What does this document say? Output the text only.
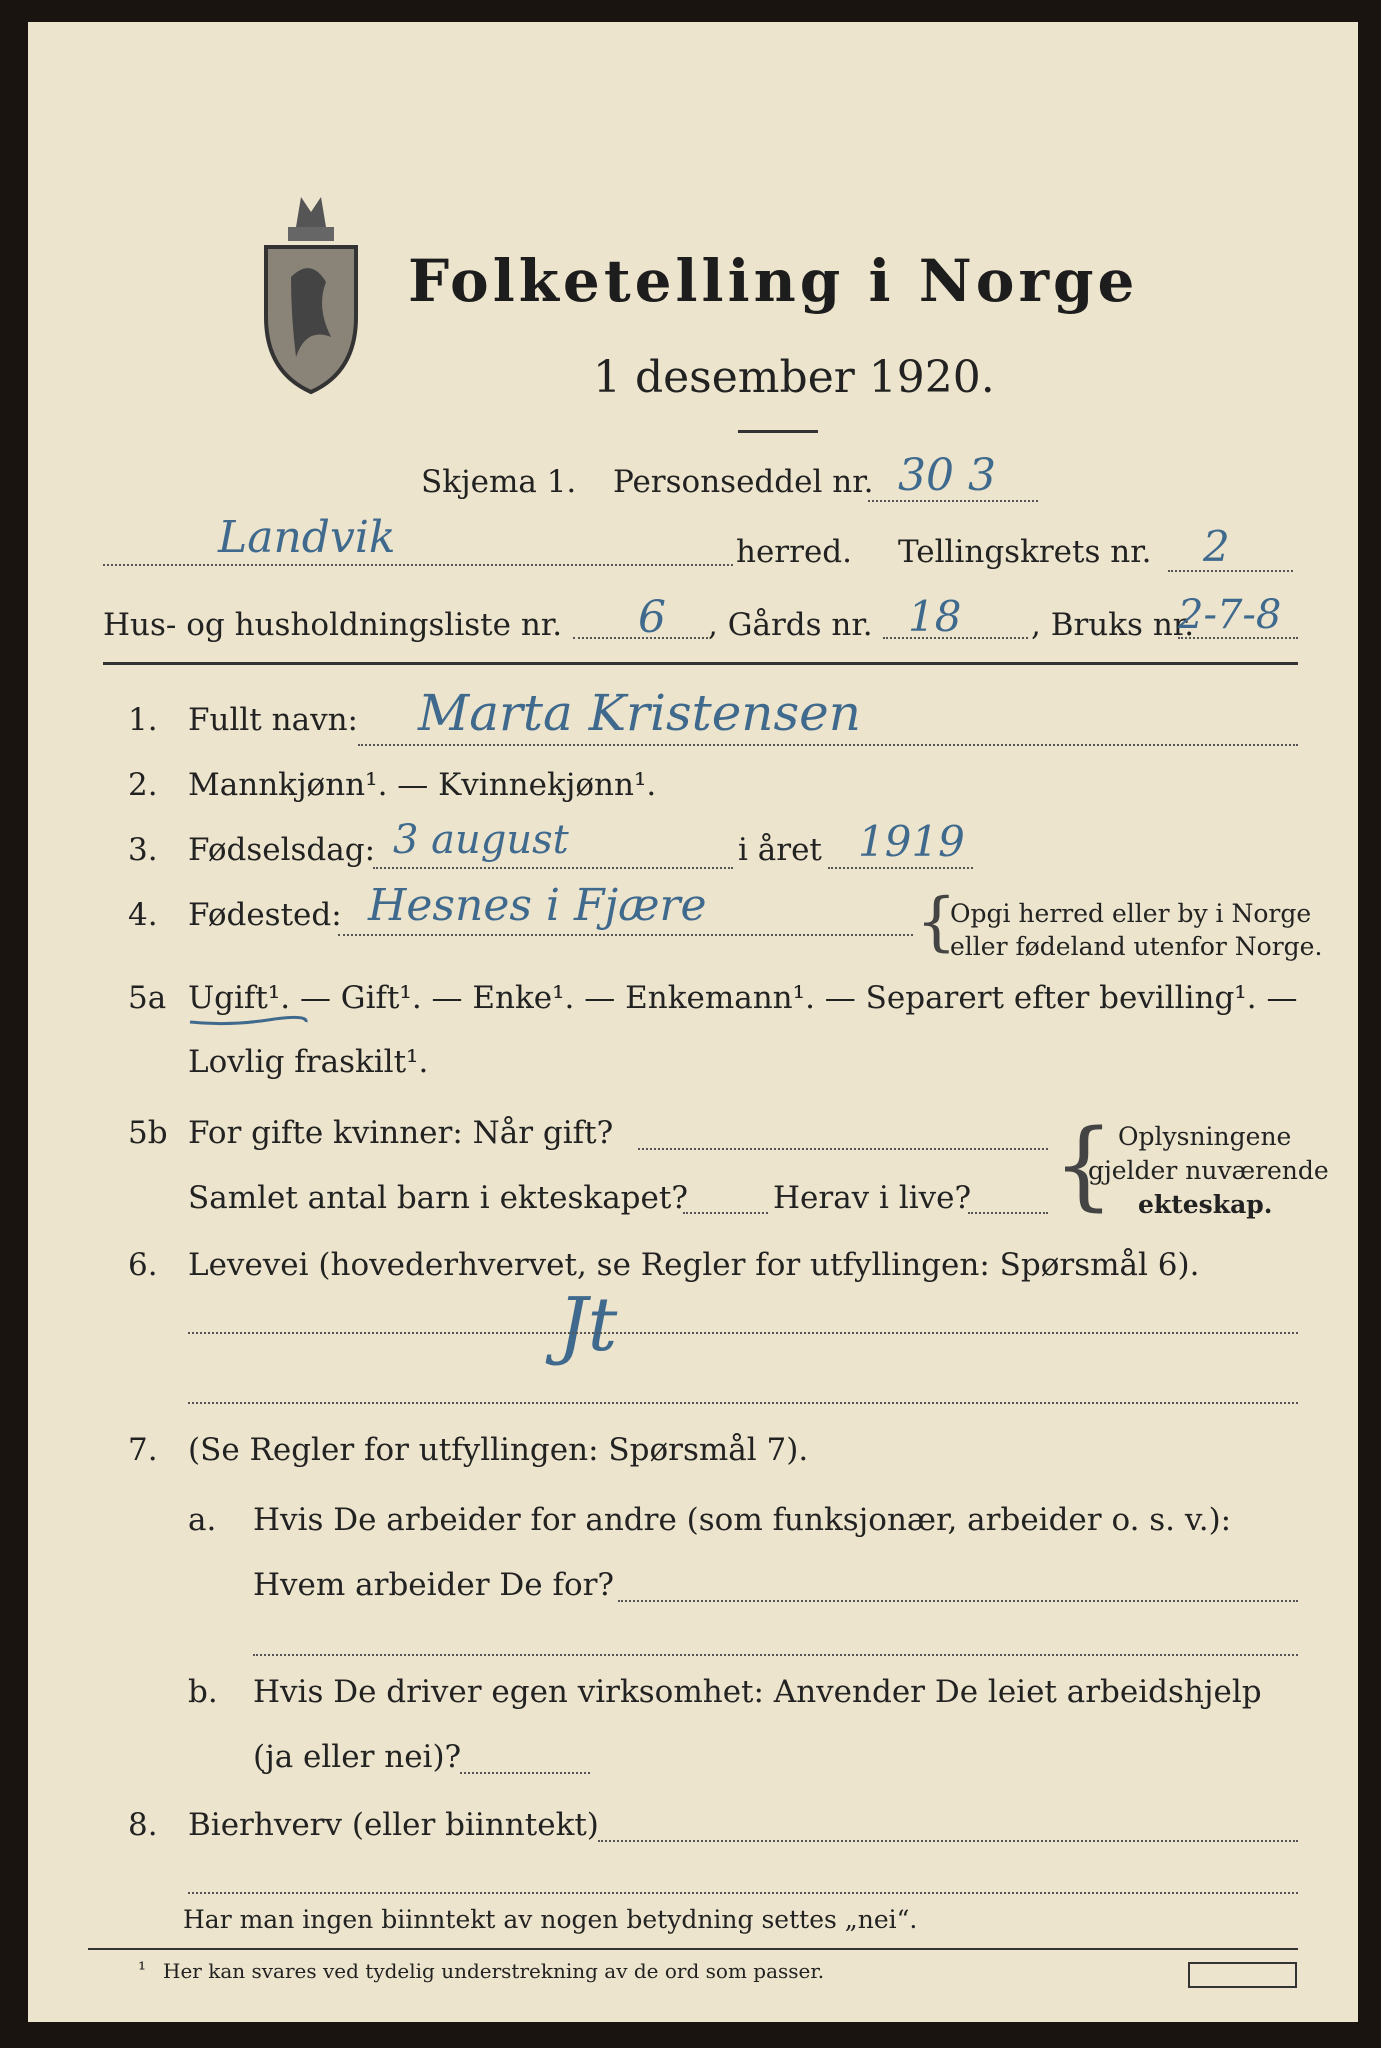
Folketelling i Norge
1 desember 1920.
Skjema 1. Personseddel nr. 30 3
Landvik	herred. Tellingskrets nr. 2
Hus- og husholdningsliste nr. 6 , Gårds nr. 18 , Bruks nr.
2-7-8
1. Fullt navn: Marta Kristensen
2. Mannkjønn¹. — Kvinnekjønn¹.
3. Fødselsdag: 3 august	i året 1919
4. Fødested: Hesnes i Fjære	{
Opgi herred eller by i Norge
eller fødeland utenfor Norge.
5a Ugift¹. — Gift¹. — Enke¹. — Enkemann¹. — Separert efter bevilling¹. —
Lovlig fraskilt¹.
5b For gifte kvinner: Når gift?
Samlet antal barn i ekteskapet?	Herav i live? { Oplysningene
gjelder nuværende
ekteskap.
6. Levevei (hovederhvervet, se Regler for utfyllingen: Spørsmål 6).
Jt
7. (Se Regler for utfyllingen: Spørsmål 7).
a. Hvis De arbeider for andre (som funksjonær, arbeider o. s. v.):
Hvem arbeider De for?
b. Hvis De driver egen virksomhet: Anvender De leiet arbeidshjelp
(ja eller nei)?
8. Bierhverv (eller biinntekt)
Har man ingen biinntekt av nogen betydning settes „nei“.
¹ Her kan svares ved tydelig understrekning av de ord som passer.
